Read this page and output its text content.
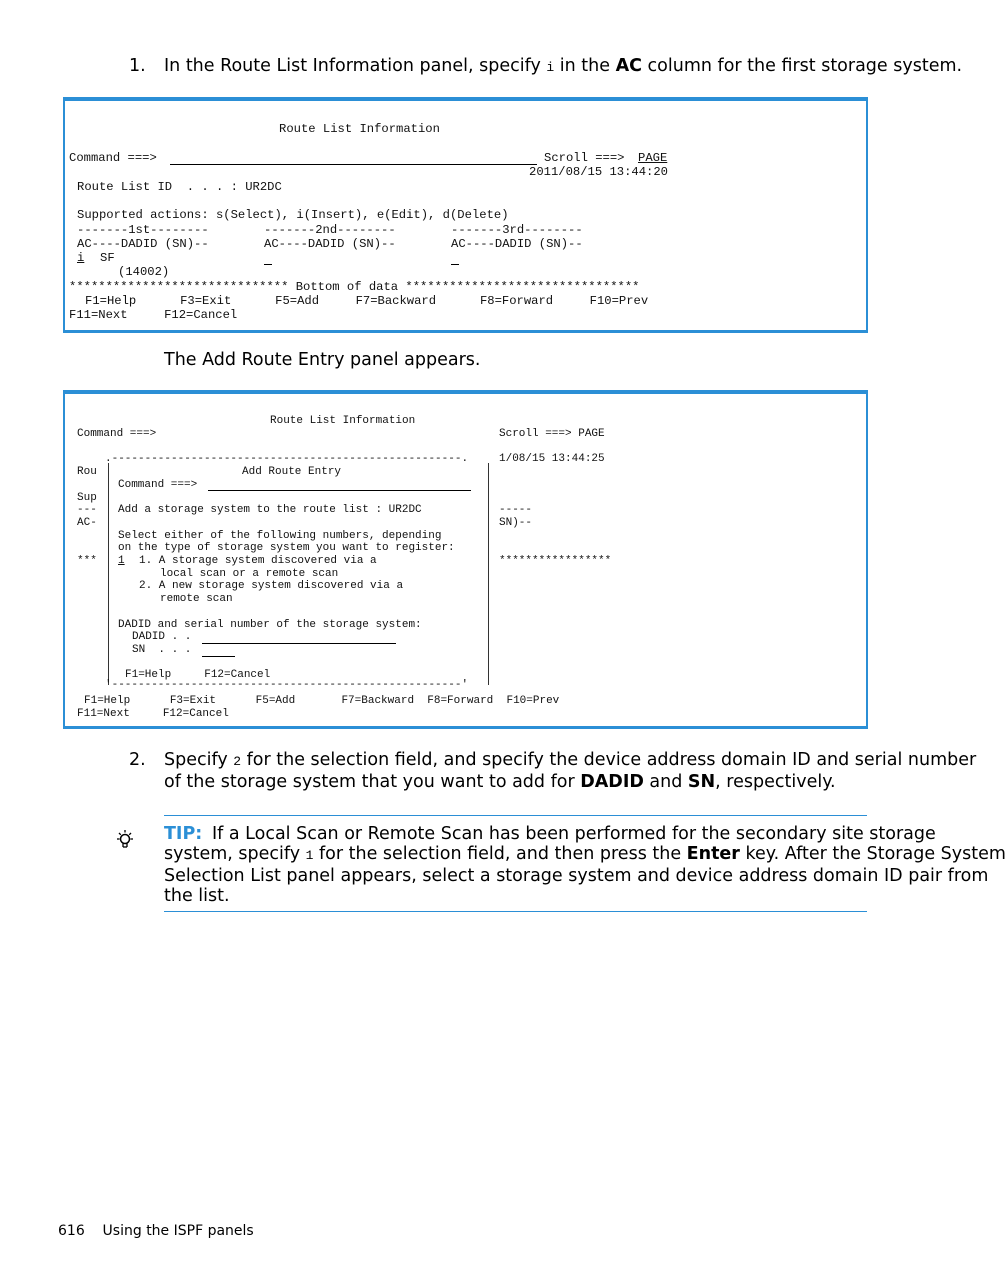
1. In the Route List Information panel, specify i in the AC column for the first storage system.
Route List Information
Command ===>	Scroll ===> PAGE
2011/08/15 13:44:20
Route List ID  . . . : UR2DC
Supported actions: s(Select), i(Insert), e(Edit), d(Delete)
-------1st--------	-------2nd--------	-------3rd--------
AC----DADID (SN)--	AC----DADID (SN)--	AC----DADID (SN)--
i SF
(14002)
****************************** Bottom of data ********************************
F1=Help      F3=Exit      F5=Add     F7=Backward      F8=Forward     F10=Prev
F11=Next     F12=Cancel
The Add Route Entry panel appears.
Route List Information
Command ===>	Scroll ===> PAGE
Rou
Sup
---
AC-
***
1/08/15 13:44:25
-----
SN)--
*****************
.-----------------------------------------------------.
Add Route Entry
Command ===>
Add a storage system to the route list : UR2DC
Select either of the following numbers, depending
on the type of storage system you want to register:
1 1. A storage system discovered via a
local scan or a remote scan
2. A new storage system discovered via a
remote scan
DADID and serial number of the storage system:
DADID . .
SN  . . .
F1=Help     F12=Cancel
'-----------------------------------------------------'
F1=Help      F3=Exit      F5=Add       F7=Backward  F8=Forward  F10=Prev
F11=Next     F12=Cancel
2. Specify 2 for the selection field, and specify the device address domain ID and serial number
of the storage system that you want to add for DADID and SN, respectively.
TIP: If a Local Scan or Remote Scan has been performed for the secondary site storage
system, specify 1 for the selection field, and then press the Enter key. After the Storage System
Selection List panel appears, select a storage system and device address domain ID pair from
the list.
616 Using the ISPF panels
